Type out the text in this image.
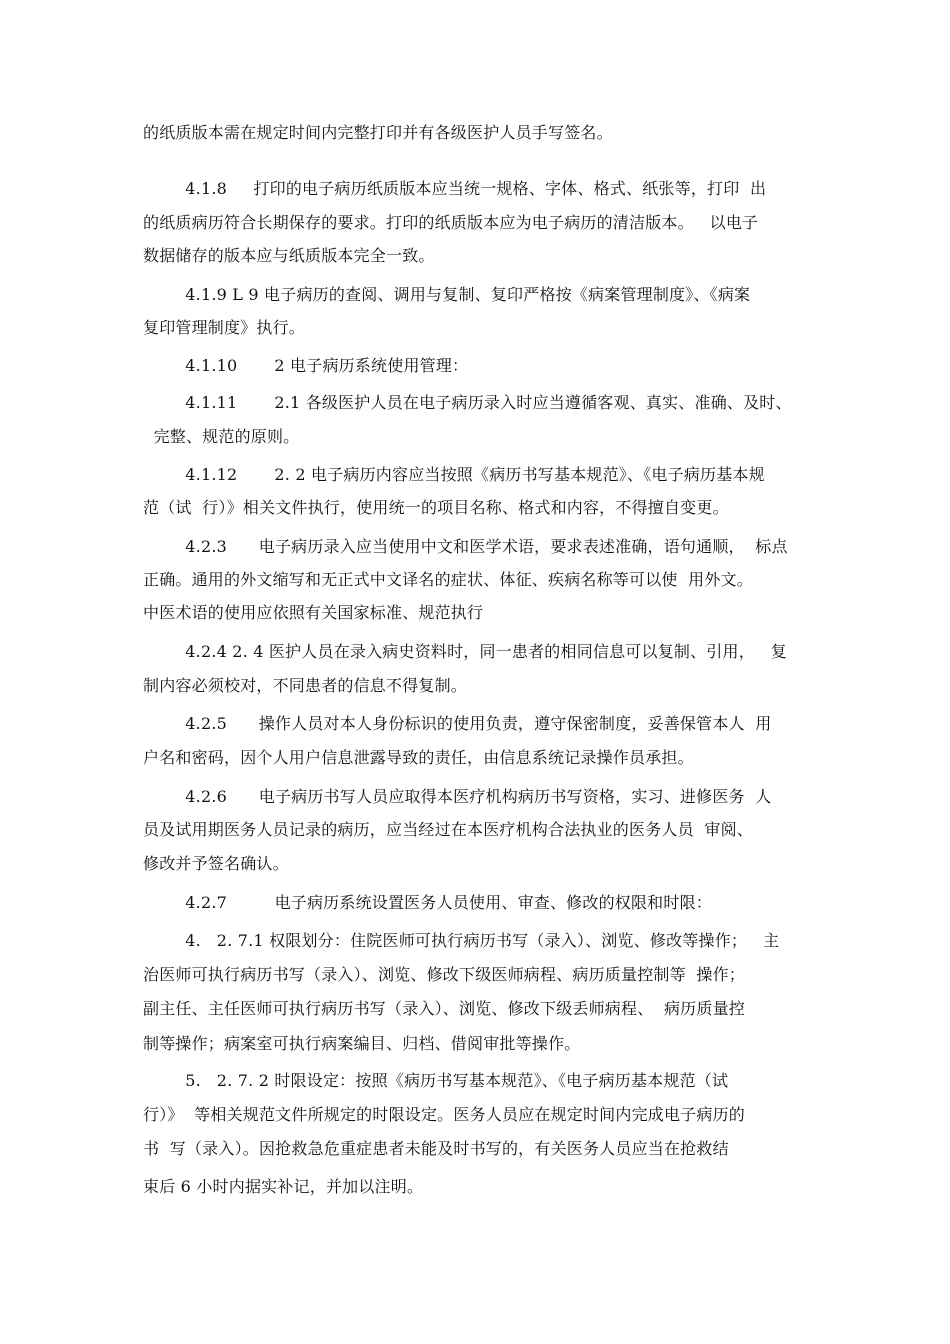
的纸质版本需在规定时间内完整打印并有各级医护人员手写签名。

4.1.8     打印的电子病历纸质版本应当统一规格、字体、格式、纸张等，打印  出

的纸质病历符合长期保存的要求。打印的纸质版本应为电子病历的清洁版本。   以电子

数据储存的版本应与纸质版本完全一致。

4.1.9 L 9 电子病历的查阅、调用与复制、复印严格按《病案管理制度》、《病案

复印管理制度》执行。

4.1.10       2 电子病历系统使用管理：

4.1.11       2.1 各级医护人员在电子病历录入时应当遵循客观、真实、准确、及时、

完整、规范的原则。

4.1.12       2. 2 电子病历内容应当按照《病历书写基本规范》、《电子病历基本规

范（试  行）》相关文件执行，使用统一的项目名称、格式和内容，不得擅自变更。

4.2.3      电子病历录入应当使用中文和医学术语，要求表述准确，语句通顺，  标点

正确。通用的外文缩写和无正式中文译名的症状、体征、疾病名称等可以使  用外文。

中医术语的使用应依照有关国家标准、规范执行

4.2.4 2. 4 医护人员在录入病史资料时，同一患者的相同信息可以复制、引用，   复

制内容必须校对，不同患者的信息不得复制。

4.2.5      操作人员对本人身份标识的使用负责，遵守保密制度，妥善保管本人  用

户名和密码，因个人用户信息泄露导致的责任，由信息系统记录操作员承担。

4.2.6      电子病历书写人员应取得本医疗机构病历书写资格，实习、进修医务  人

员及试用期医务人员记录的病历，应当经过在本医疗机构合法执业的医务人员  审阅、

修改并予签名确认。

4.2.7         电子病历系统设置医务人员使用、审查、修改的权限和时限：

4.   2. 7.1 权限划分：住院医师可执行病历书写（录入）、浏览、修改等操作；   主

治医师可执行病历书写（录入）、浏览、修改下级医师病程、病历质量控制等  操作；

副主任、主任医师可执行病历书写（录入）、浏览、修改下级丢师病程、  病历质量控

制等操作；病案室可执行病案编目、归档、借阅审批等操作。

5.   2. 7. 2 时限设定：按照《病历书写基本规范》、《电子病历基本规范（试

行）》  等相关规范文件所规定的时限设定。医务人员应在规定时间内完成电子病历的

书  写（录入）。因抢救急危重症患者未能及时书写的，有关医务人员应当在抢救结

束后 6 小时内据实补记，并加以注明。
